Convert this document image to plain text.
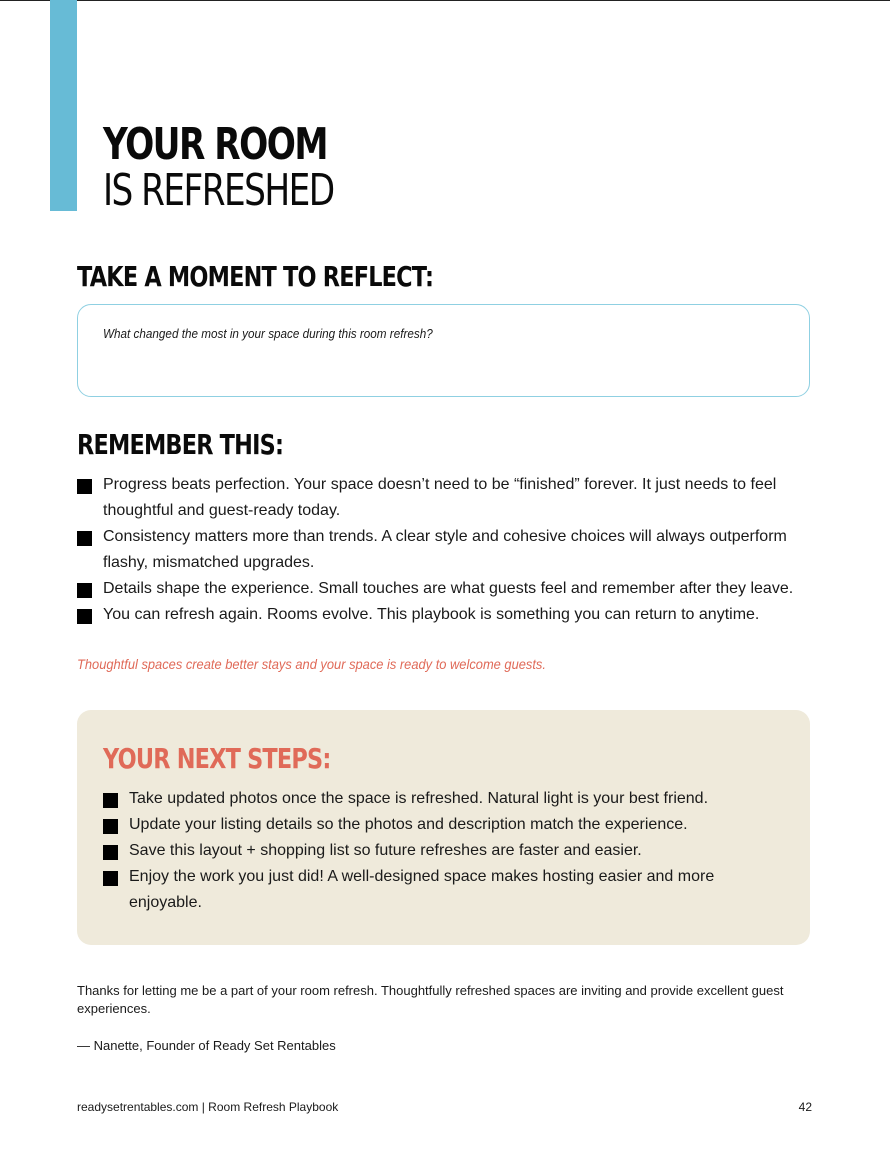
YOUR ROOM
IS REFRESHED
TAKE A MOMENT TO REFLECT:
What changed the most in your space during this room refresh?
REMEMBER THIS:
Progress beats perfection. Your space doesn’t need to be “finished” forever. It just needs to feel thoughtful and guest-ready today.
Consistency matters more than trends. A clear style and cohesive choices will always outperform flashy, mismatched upgrades.
Details shape the experience. Small touches are what guests feel and remember after they leave.
You can refresh again. Rooms evolve. This playbook is something you can return to anytime.
Thoughtful spaces create better stays and your space is ready to welcome guests.
YOUR NEXT STEPS:
Take updated photos once the space is refreshed. Natural light is your best friend.
Update your listing details so the photos and description match the experience.
Save this layout + shopping list so future refreshes are faster and easier.
Enjoy the work you just did! A well-designed space makes hosting easier and more enjoyable.
Thanks for letting me be a part of your room refresh. Thoughtfully refreshed spaces are inviting and provide excellent guest experiences.
— Nanette, Founder of Ready Set Rentables
readysetrentables.com | Room Refresh Playbook	42
